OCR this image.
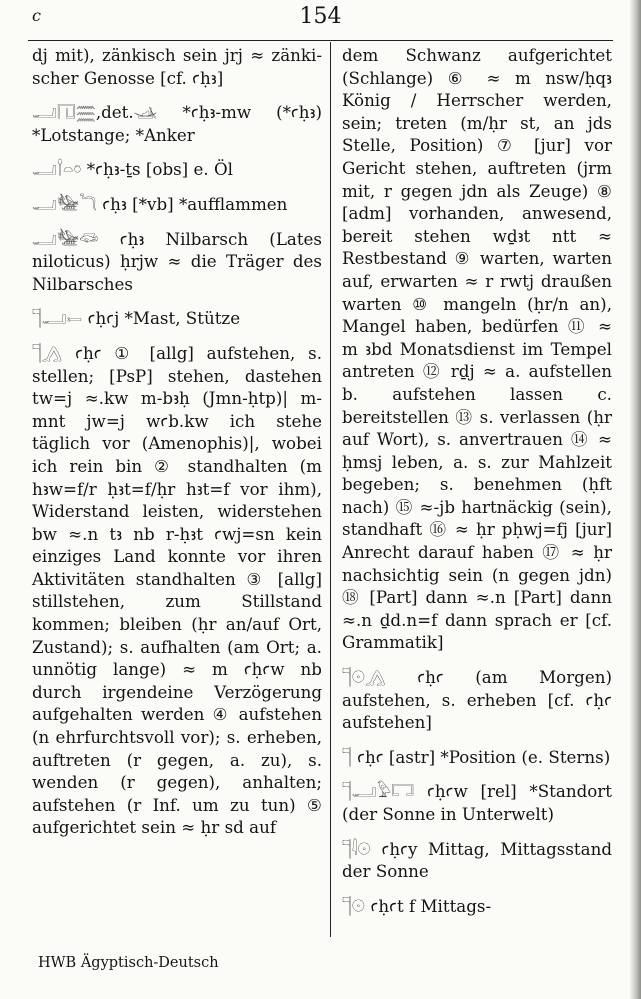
c	154

dj mit), zänkisch sein jrj ≈ zänkischer Genosse [cf. ꜥḥꜣ]

𓂝𓉔𓈗,det.𓊛 *ꜥḥꜣ-mw (*ꜥḥꜣ) *Lotstange; *Anker

𓂝𓌉𓏏𓏌 *ꜥḥꜣ-ṯs [obs] e. Öl

𓂝𓅋𓆓 ꜥḥꜣ [*vb] *aufflammen

𓂝𓅋𓆛 ꜥḥꜣ Nilbarsch (Lates niloticus) ḥrjw ≈ die Träger des Nilbarsches

𓊹𓂝𓍿 ꜥḥꜥj *Mast, Stütze

𓊹𓂻 ꜥḥꜥ ① [allg] aufstehen, s. stellen; [PsP] stehen, dastehen tw=j ≈.kw m-bꜣḥ (Jmn-ḥtp)| m-mnt jw=j wꜥb.kw ich stehe täglich vor (Amenophis)|, wobei ich rein bin ② standhalten (m hꜣw=f/r ḥꜣt=f/ḥr hꜣt=f vor ihm), Widerstand leisten, widerstehen bw ≈.n tꜣ nb r-ḥꜣt ꜥwj=sn kein einziges Land konnte vor ihren Aktivitäten standhalten ③ [allg] stillstehen, zum Stillstand kommen; bleiben (ḥr an/auf Ort, Zustand); s. aufhalten (am Ort; a. unnötig lange) ≈ m ꜥḥꜥw nb durch irgendeine Verzögerung aufgehalten werden ④ aufstehen (n ehrfurchtsvoll vor); s. erheben, auftreten (r gegen, a. zu), s. wenden (r gegen), anhalten; aufstehen (r Inf. um zu tun) ⑤ aufgerichtet sein ≈ ḥr sd auf

dem Schwanz aufgerichtet (Schlange) ⑥ ≈ m nsw/ḥqꜣ König / Herrscher werden, sein; treten (m/ḥr st, an jds Stelle, Position) ⑦ [jur] vor Gericht stehen, auftreten (jrm mit, r gegen jdn als Zeuge) ⑧ [adm] vorhanden, anwesend, bereit stehen wḏꜣt ntt ≈ Restbestand ⑨ warten, warten auf, erwarten ≈ r rwtj draußen warten ⑩ mangeln (ḥr/n an), Mangel haben, bedürfen ⑪ ≈ m ꜣbd Monatsdienst im Tempel antreten ⑫ rḏj ≈ a. aufstellen b. aufstehen lassen c. bereitstellen ⑬ s. verlassen (ḥr auf Wort), s. anvertrauen ⑭ ≈ ḥmsj leben, a. s. zur Mahlzeit begeben; s. benehmen (ḥft nach) ⑮ ≈-jb hartnäckig (sein), standhaft ⑯ ≈ ḥr pḥwj=fj [jur] Anrecht darauf haben ⑰ ≈ ḥr nachsichtig sein (n gegen jdn) ⑱ [Part] dann ≈.n [Part] dann ≈.n ḏd.n=f dann sprach er [cf. Grammatik]

𓊹𓇳𓂻 ꜥḥꜥ (am Morgen) aufstehen, s. erheben [cf. ꜥḥꜥ aufstehen]

𓊹 ꜥḥꜥ [astr] *Position (e. Sterns)

𓊹𓂝𓅱𓉐 ꜥḥꜥw [rel] *Standort (der Sonne in Unterwelt)

𓊹𓇋𓇳 ꜥḥꜥy Mittag, Mittagsstand der Sonne

𓊹𓇳 ꜥḥꜥt f Mittags-

HWB Ägyptisch-Deutsch
